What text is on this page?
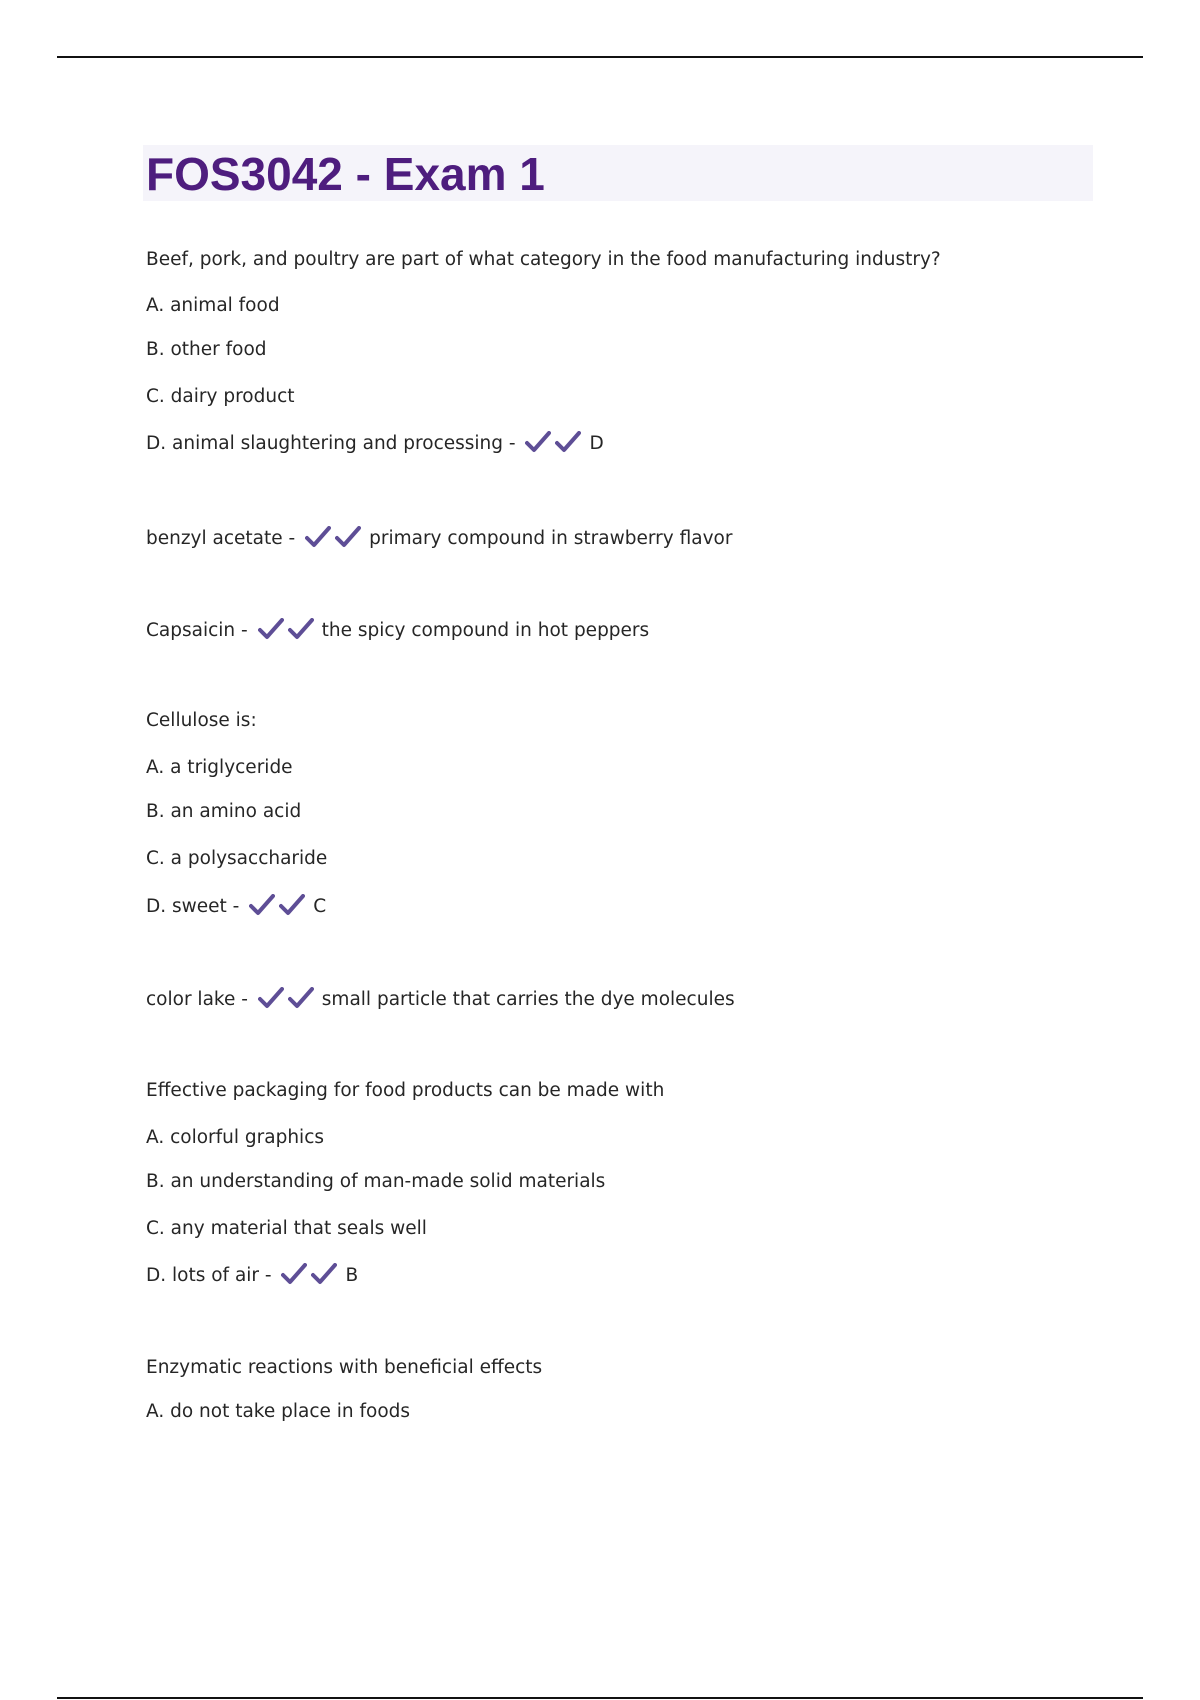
FOS3042 - Exam 1
Beef, pork, and poultry are part of what category in the food manufacturing industry?
A. animal food
B. other food
C. dairy product
D. animal slaughtering and processing -	D
benzyl acetate -	primary compound in strawberry flavor
Capsaicin -	the spicy compound in hot peppers
Cellulose is:
A. a triglyceride
B. an amino acid
C. a polysaccharide
D. sweet -	C
color lake -	small particle that carries the dye molecules
Effective packaging for food products can be made with
A. colorful graphics
B. an understanding of man-made solid materials
C. any material that seals well
D. lots of air -	B
Enzymatic reactions with beneficial effects
A. do not take place in foods
